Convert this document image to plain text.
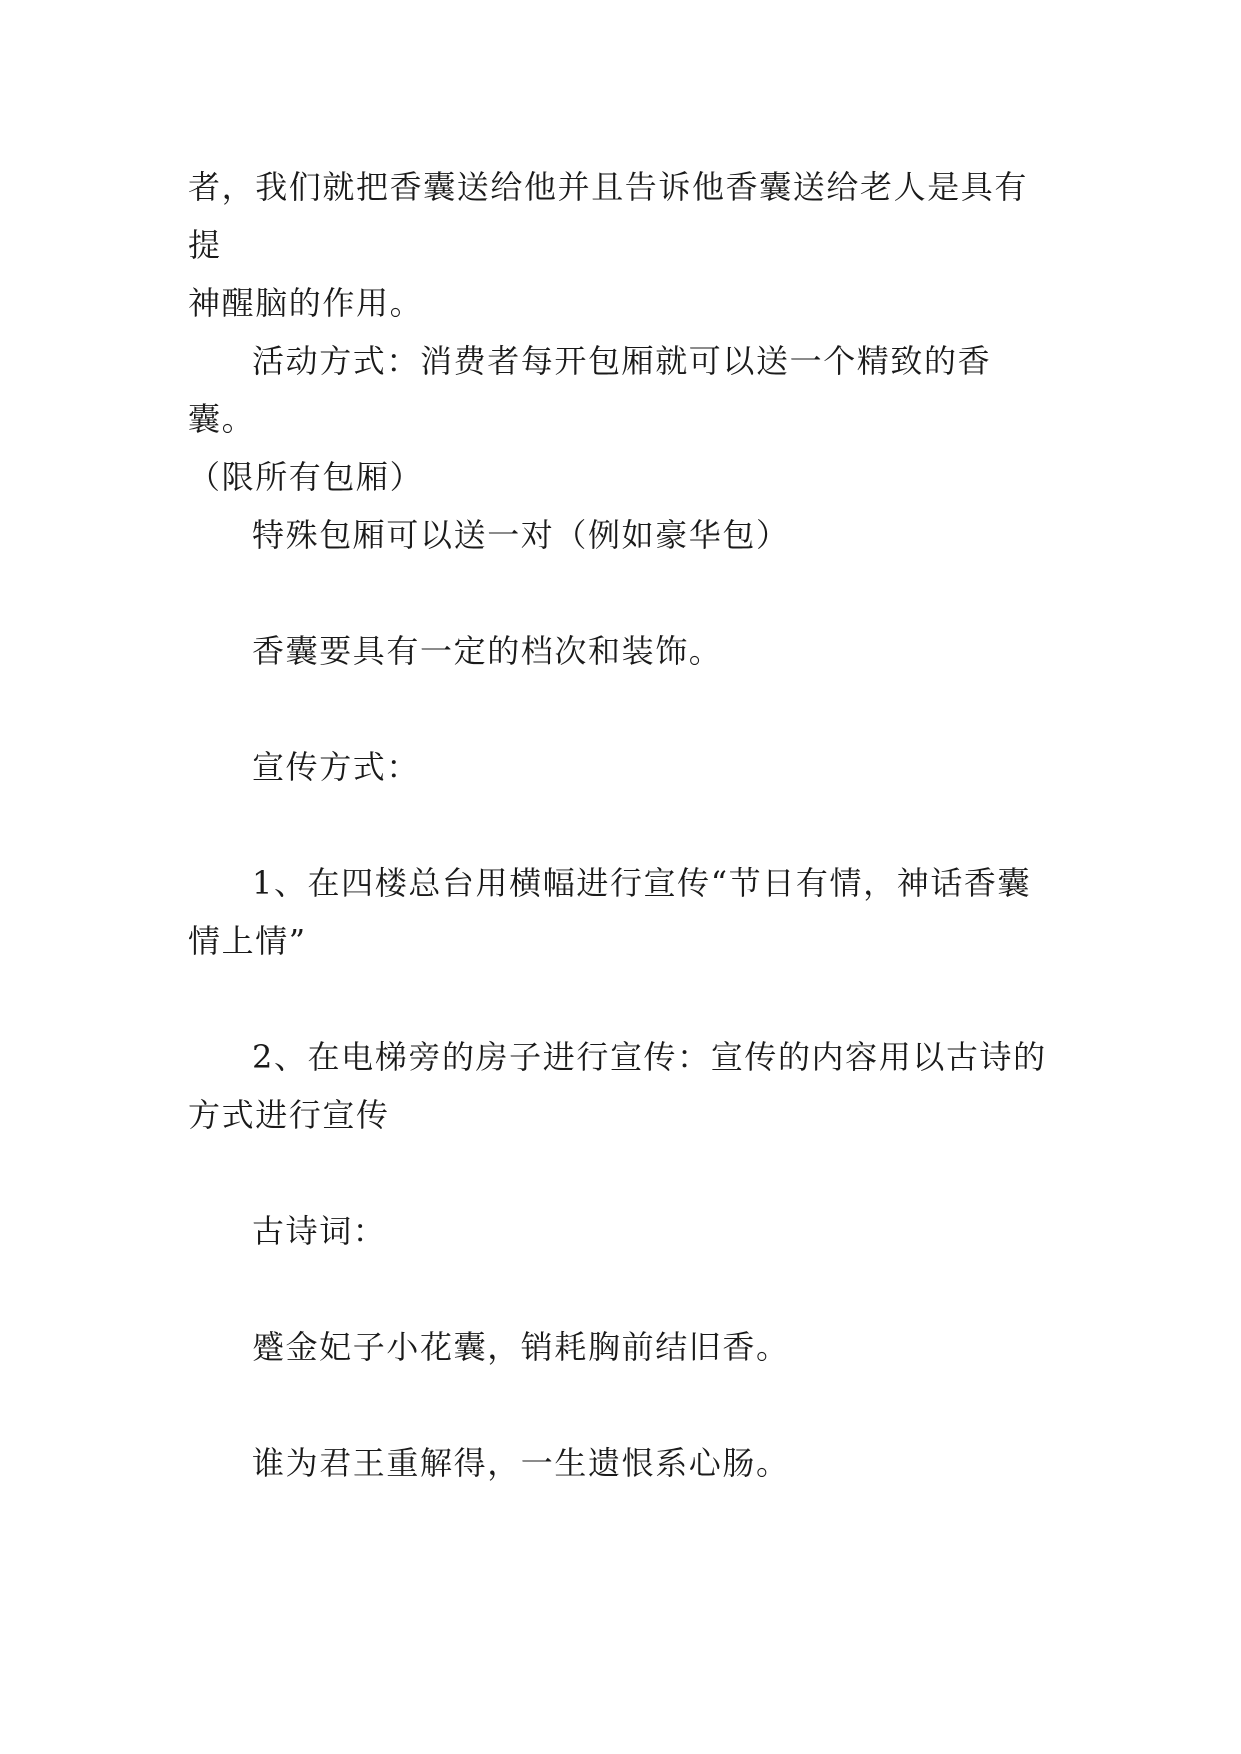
者，我们就把香囊送给他并且告诉他香囊送给老人是具有提
神醒脑的作用。
活动方式：消费者每开包厢就可以送一个精致的香囊。
（限所有包厢）
特殊包厢可以送一对（例如豪华包）
香囊要具有一定的档次和装饰。
宣传方式：
1、在四楼总台用横幅进行宣传“节日有情，神话香囊
情上情”
2、在电梯旁的房子进行宣传：宣传的内容用以古诗的
方式进行宣传
古诗词：
蹙金妃子小花囊，销耗胸前结旧香。
谁为君王重解得，一生遗恨系心肠。
